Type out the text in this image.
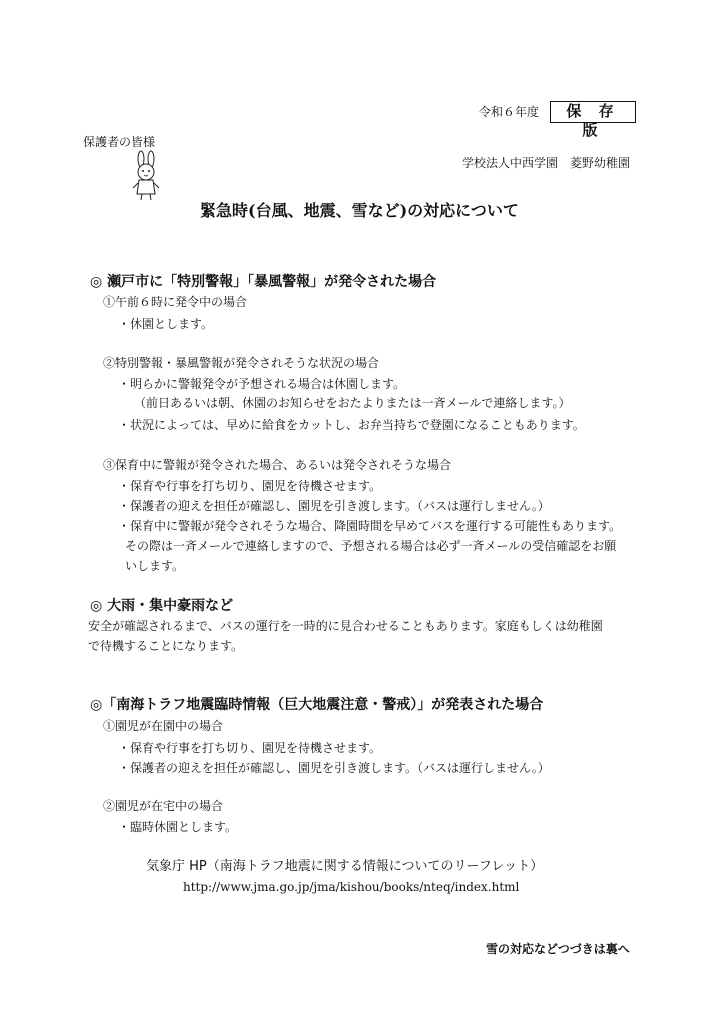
令和６年度	保 存 版
保護者の皆様
学校法人中西学園　菱野幼稚園
緊急時(台風、地震、雪など)の対応について
◎ 瀬戸市に「特別警報」「暴風警報」が発令された場合
①午前６時に発令中の場合
・休園とします。
②特別警報・暴風警報が発令されそうな状況の場合
・明らかに警報発令が予想される場合は休園します。
（前日あるいは朝、休園のお知らせをおたよりまたは一斉メールで連絡します。）
・状況によっては、早めに給食をカットし、お弁当持ちで登園になることもあります。
③保育中に警報が発令された場合、あるいは発令されそうな場合
・保育や行事を打ち切り、園児を待機させます。
・保護者の迎えを担任が確認し、園児を引き渡します。（バスは運行しません。）
・保育中に警報が発令されそうな場合、降園時間を早めてバスを運行する可能性もあります。
その際は一斉メールで連絡しますので、予想される場合は必ず一斉メールの受信確認をお願
いします。
◎ 大雨・集中豪雨など
安全が確認されるまで、バスの運行を一時的に見合わせることもあります。家庭もしくは幼稚園
で待機することになります。
◎「南海トラフ地震臨時情報（巨大地震注意・警戒）」が発表された場合
①園児が在園中の場合
・保育や行事を打ち切り、園児を待機させます。
・保護者の迎えを担任が確認し、園児を引き渡します。（バスは運行しません。）
②園児が在宅中の場合
・臨時休園とします。
気象庁 HP（南海トラフ地震に関する情報についてのリーフレット）
http://www.jma.go.jp/jma/kishou/books/nteq/index.html
雪の対応などつづきは裏へ
